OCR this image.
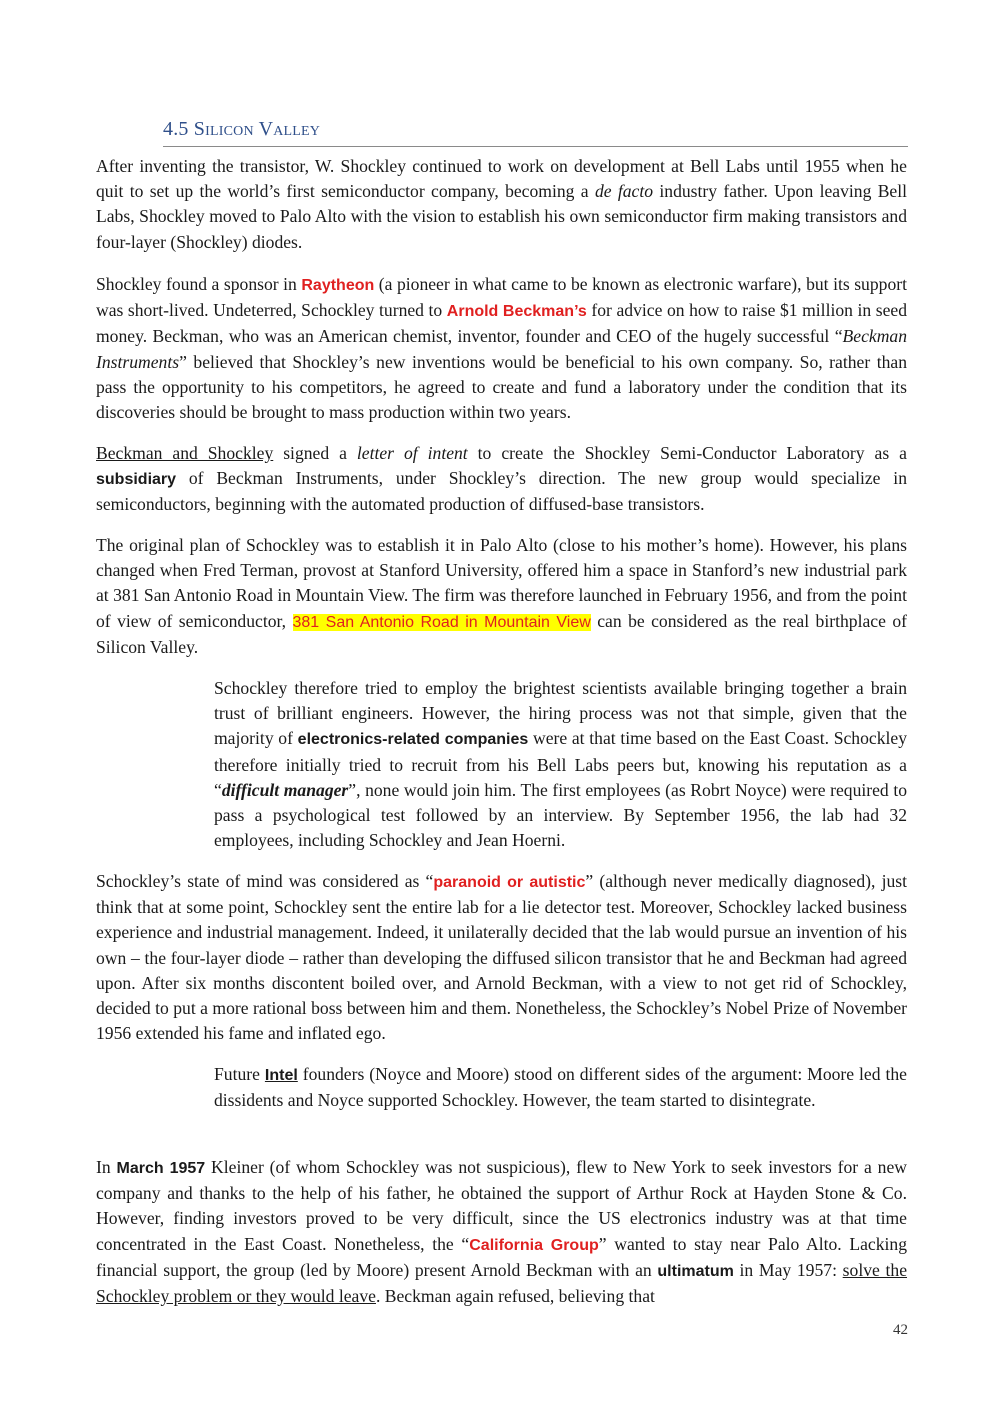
4.5 Silicon Valley

After inventing the transistor, W. Shockley continued to work on development at Bell Labs until 1955 when he quit to set up the world’s first semiconductor company, becoming a de facto industry father. Upon leaving Bell Labs, Shockley moved to Palo Alto with the vision to establish his own semiconductor firm making transistors and four-layer (Shockley) diodes.

Shockley found a sponsor in Raytheon (a pioneer in what came to be known as electronic warfare), but its support was short-lived. Undeterred, Schockley turned to Arnold Beckman’s for advice on how to raise $1 million in seed money. Beckman, who was an American chemist, inventor, founder and CEO of the hugely successful “Beckman Instruments” believed that Shockley’s new inventions would be beneficial to his own company. So, rather than pass the opportunity to his competitors, he agreed to create and fund a laboratory under the condition that its discoveries should be brought to mass production within two years.

Beckman and Shockley signed a letter of intent to create the Shockley Semi-Conductor Laboratory as a subsidiary of Beckman Instruments, under Shockley’s direction. The new group would specialize in semiconductors, beginning with the automated production of diffused-base transistors.

The original plan of Schockley was to establish it in Palo Alto (close to his mother’s home). However, his plans changed when Fred Terman, provost at Stanford University, offered him a space in Stanford’s new industrial park at 381 San Antonio Road in Mountain View. The firm was therefore launched in February 1956, and from the point of view of semiconductor, 381 San Antonio Road in Mountain View can be considered as the real birthplace of Silicon Valley.

Schockley therefore tried to employ the brightest scientists available bringing together a brain trust of brilliant engineers. However, the hiring process was not that simple, given that the majority of electronics-related companies were at that time based on the East Coast. Schockley therefore initially tried to recruit from his Bell Labs peers but, knowing his reputation as a “difficult manager”, none would join him. The first employees (as Robrt Noyce) were required to pass a psychological test followed by an interview. By September 1956, the lab had 32 employees, including Schockley and Jean Hoerni.

Schockley’s state of mind was considered as “paranoid or autistic” (although never medically diagnosed), just think that at some point, Schockley sent the entire lab for a lie detector test. Moreover, Schockley lacked business experience and industrial management. Indeed, it unilaterally decided that the lab would pursue an invention of his own – the four-layer diode – rather than developing the diffused silicon transistor that he and Beckman had agreed upon. After six months discontent boiled over, and Arnold Beckman, with a view to not get rid of Schockley, decided to put a more rational boss between him and them. Nonetheless, the Schockley’s Nobel Prize of November 1956 extended his fame and inflated ego.

Future Intel founders (Noyce and Moore) stood on different sides of the argument: Moore led the dissidents and Noyce supported Schockley. However, the team started to disintegrate.

In March 1957 Kleiner (of whom Schockley was not suspicious), flew to New York to seek investors for a new company and thanks to the help of his father, he obtained the support of Arthur Rock at Hayden Stone & Co. However, finding investors proved to be very difficult, since the US electronics industry was at that time concentrated in the East Coast. Nonetheless, the “California Group” wanted to stay near Palo Alto. Lacking financial support, the group (led by Moore) present Arnold Beckman with an ultimatum in May 1957: solve the Schockley problem or they would leave. Beckman again refused, believing that

42
